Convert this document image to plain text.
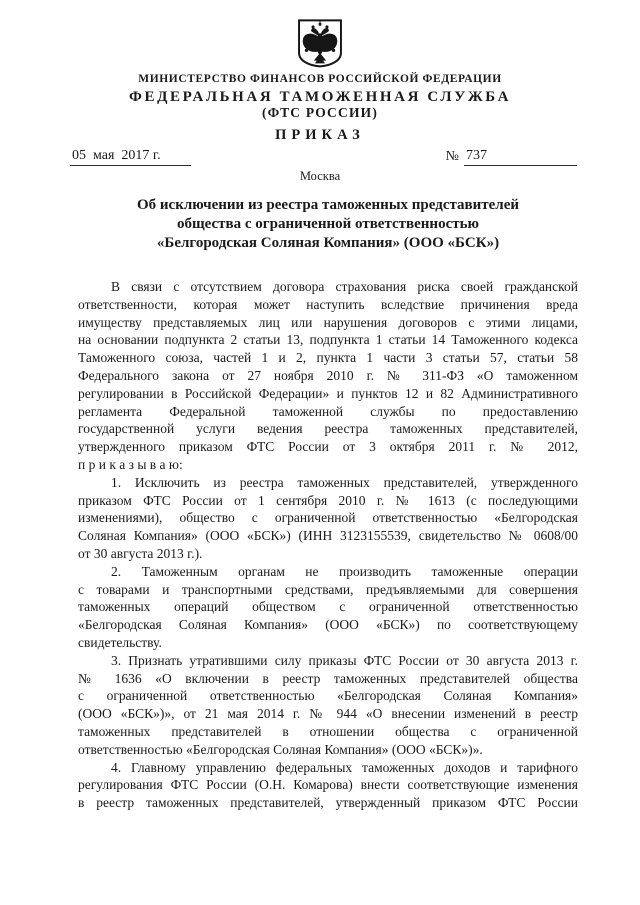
МИНИСТЕРСТВО ФИНАНСОВ РОССИЙСКОЙ ФЕДЕРАЦИИ
ФЕДЕРАЛЬНАЯ ТАМОЖЕННАЯ СЛУЖБА
(ФТС РОССИИ)
ПРИКАЗ
05  мая  2017 г.	№ 737
Москва
Об исключении из реестра таможенных представителей
общества с ограниченной ответственностью
«Белгородская Соляная Компания» (ООО «БСК»)
В связи с отсутствием договора страхования риска своей гражданской
ответственности, которая может наступить вследствие причинения вреда
имуществу представляемых лиц или нарушения договоров с этими лицами,
на основании подпункта 2 статьи 13, подпункта 1 статьи 14 Таможенного кодекса
Таможенного союза, частей 1 и 2, пункта 1 части 3 статьи 57, статьи 58
Федерального закона от 27 ноября 2010 г. № 311-ФЗ «О таможенном
регулировании в Российской Федерации» и пунктов 12 и 82 Административного
регламента Федеральной таможенной службы по предоставлению
государственной услуги ведения реестра таможенных представителей,
утвержденного приказом ФТС России от 3 октября 2011 г. № 2012,
п р и к а з ы в а ю:
1. Исключить из реестра таможенных представителей, утвержденного
приказом ФТС России от 1 сентября 2010 г. № 1613 (с последующими
изменениями), общество с ограниченной ответственностью «Белгородская
Соляная Компания» (ООО «БСК») (ИНН 3123155539, свидетельство № 0608/00
от 30 августа 2013 г.).
2. Таможенным органам не производить таможенные операции
с товарами и транспортными средствами, предъявляемыми для совершения
таможенных операций обществом с ограниченной ответственностью
«Белгородская Соляная Компания» (ООО «БСК») по соответствующему
свидетельству.
3. Признать утратившими силу приказы ФТС России от 30 августа 2013 г.
№ 1636 «О включении в реестр таможенных представителей общества
с ограниченной ответственностью «Белгородская Соляная Компания»
(ООО «БСК»)», от 21 мая 2014 г. № 944 «О внесении изменений в реестр
таможенных представителей в отношении общества с ограниченной
ответственностью «Белгородская Соляная Компания» (ООО «БСК»)».
4. Главному управлению федеральных таможенных доходов и тарифного
регулирования ФТС России (О.Н. Комарова) внести соответствующие изменения
в реестр таможенных представителей, утвержденный приказом ФТС России
